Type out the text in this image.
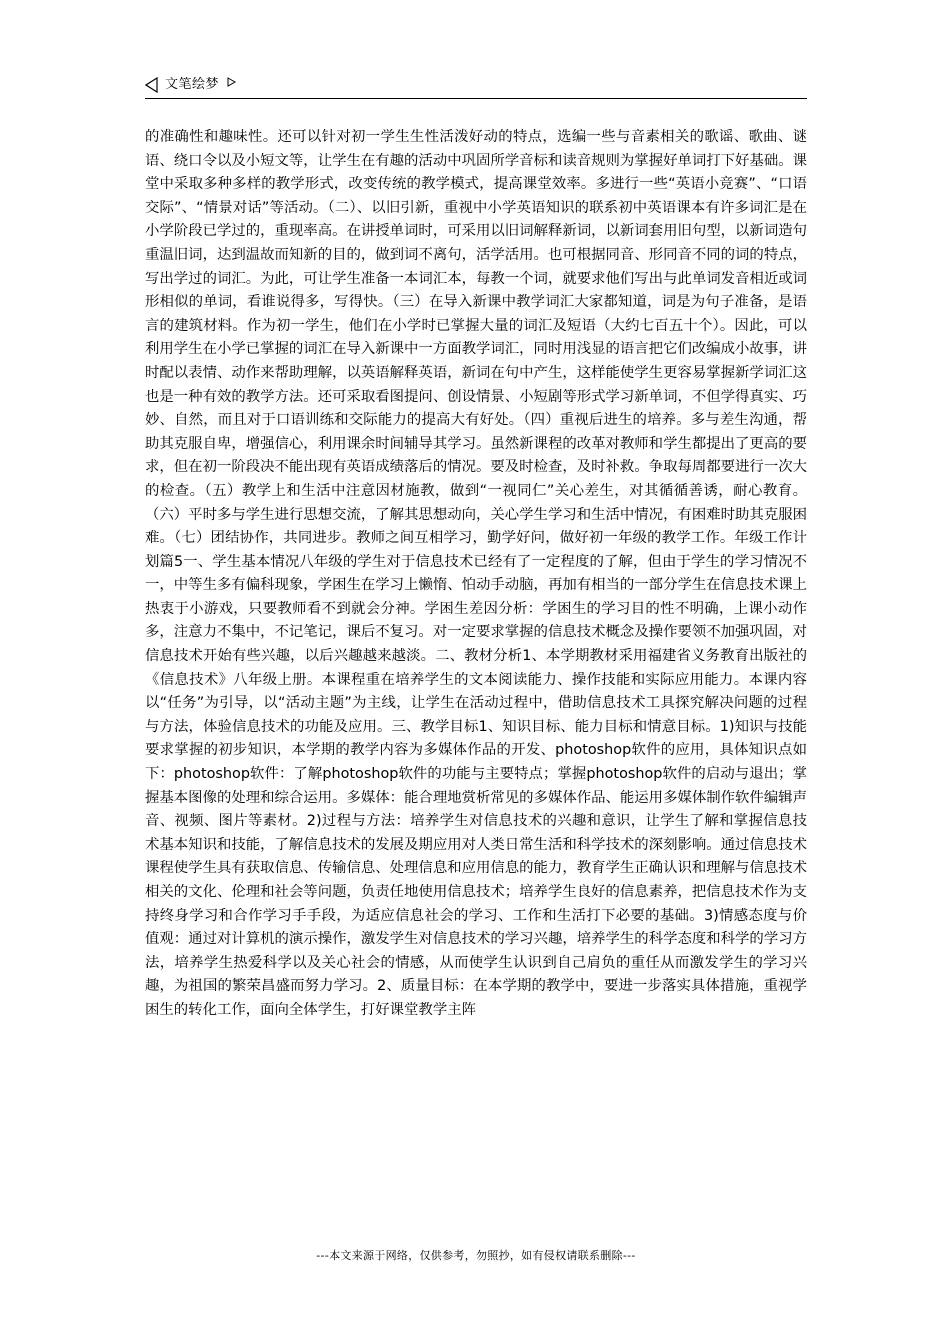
文笔绘梦

的准确性和趣味性。还可以针对初一学生生性活泼好动的特点，选编一些与音素相关的歌谣、歌曲、谜语、绕口令以及小短文等，让学生在有趣的活动中巩固所学音标和读音规则为掌握好单词打下好基础。课堂中采取多种多样的教学形式，改变传统的教学模式，提高课堂效率。多进行一些“英语小竞赛”、“口语交际”、“情景对话”等活动。（二）、以旧引新，重视中小学英语知识的联系初中英语课本有许多词汇是在小学阶段已学过的，重现率高。在讲授单词时，可采用以旧词解释新词，以新词套用旧句型，以新词造句重温旧词，达到温故而知新的目的，做到词不离句，活学活用。也可根据同音、形同音不同的词的特点，写出学过的词汇。为此，可让学生准备一本词汇本，每教一个词，就要求他们写出与此单词发音相近或词形相似的单词，看谁说得多，写得快。（三）在导入新课中教学词汇大家都知道，词是为句子准备，是语言的建筑材料。作为初一学生，他们在小学时已掌握大量的词汇及短语（大约七百五十个）。因此，可以利用学生在小学已掌握的词汇在导入新课中一方面教学词汇，同时用浅显的语言把它们改编成小故事，讲时配以表情、动作来帮助理解，以英语解释英语，新词在句中产生，这样能使学生更容易掌握新学词汇这也是一种有效的教学方法。还可采取看图提问、创设情景、小短剧等形式学习新单词，不但学得真实、巧妙、自然，而且对于口语训练和交际能力的提高大有好处。（四）重视后进生的培养。多与差生沟通，帮助其克服自卑，增强信心，利用课余时间辅导其学习。虽然新课程的改革对教师和学生都提出了更高的要求，但在初一阶段决不能出现有英语成绩落后的情况。要及时检查，及时补救。争取每周都要进行一次大的检查。（五）教学上和生活中注意因材施教，做到“一视同仁”关心差生，对其循循善诱，耐心教育。（六）平时多与学生进行思想交流，了解其思想动向，关心学生学习和生活中情况，有困难时助其克服困难。（七）团结协作，共同进步。教师之间互相学习，勤学好问，做好初一年级的教学工作。年级工作计划篇5一、学生基本情况八年级的学生对于信息技术已经有了一定程度的了解，但由于学生的学习情况不一，中等生多有偏科现象，学困生在学习上懒惰、怕动手动脑，再加有相当的一部分学生在信息技术课上热衷于小游戏，只要教师看不到就会分神。学困生差因分析：学困生的学习目的性不明确，上课小动作多，注意力不集中，不记笔记，课后不复习。对一定要求掌握的信息技术概念及操作要领不加强巩固，对信息技术开始有些兴趣，以后兴趣越来越淡。二、教材分析1、本学期教材采用福建省义务教育出版社的《信息技术》八年级上册。本课程重在培养学生的文本阅读能力、操作技能和实际应用能力。本课内容以“任务”为引导，以“活动主题”为主线，让学生在活动过程中，借助信息技术工具探究解决问题的过程与方法，体验信息技术的功能及应用。三、教学目标1、知识目标、能力目标和情意目标。1)知识与技能要求掌握的初步知识，本学期的教学内容为多媒体作品的开发、photoshop软件的应用，具体知识点如下：photoshop软件：了解photoshop软件的功能与主要特点；掌握photoshop软件的启动与退出；掌握基本图像的处理和综合运用。多媒体：能合理地赏析常见的多媒体作品、能运用多媒体制作软件编辑声音、视频、图片等素材。2)过程与方法：培养学生对信息技术的兴趣和意识，让学生了解和掌握信息技术基本知识和技能，了解信息技术的发展及期应用对人类日常生活和科学技术的深刻影响。通过信息技术课程使学生具有获取信息、传输信息、处理信息和应用信息的能力，教育学生正确认识和理解与信息技术相关的文化、伦理和社会等问题，负责任地使用信息技术；培养学生良好的信息素养，把信息技术作为支持终身学习和合作学习手手段，为适应信息社会的学习、工作和生活打下必要的基础。3)情感态度与价值观：通过对计算机的演示操作，激发学生对信息技术的学习兴趣，培养学生的科学态度和科学的学习方法，培养学生热爱科学以及关心社会的情感，从而使学生认识到自己肩负的重任从而激发学生的学习兴趣，为祖国的繁荣昌盛而努力学习。2、质量目标：在本学期的教学中，要进一步落实具体措施，重视学困生的转化工作，面向全体学生，打好课堂教学主阵

---本文来源于网络，仅供参考，勿照抄，如有侵权请联系删除---
